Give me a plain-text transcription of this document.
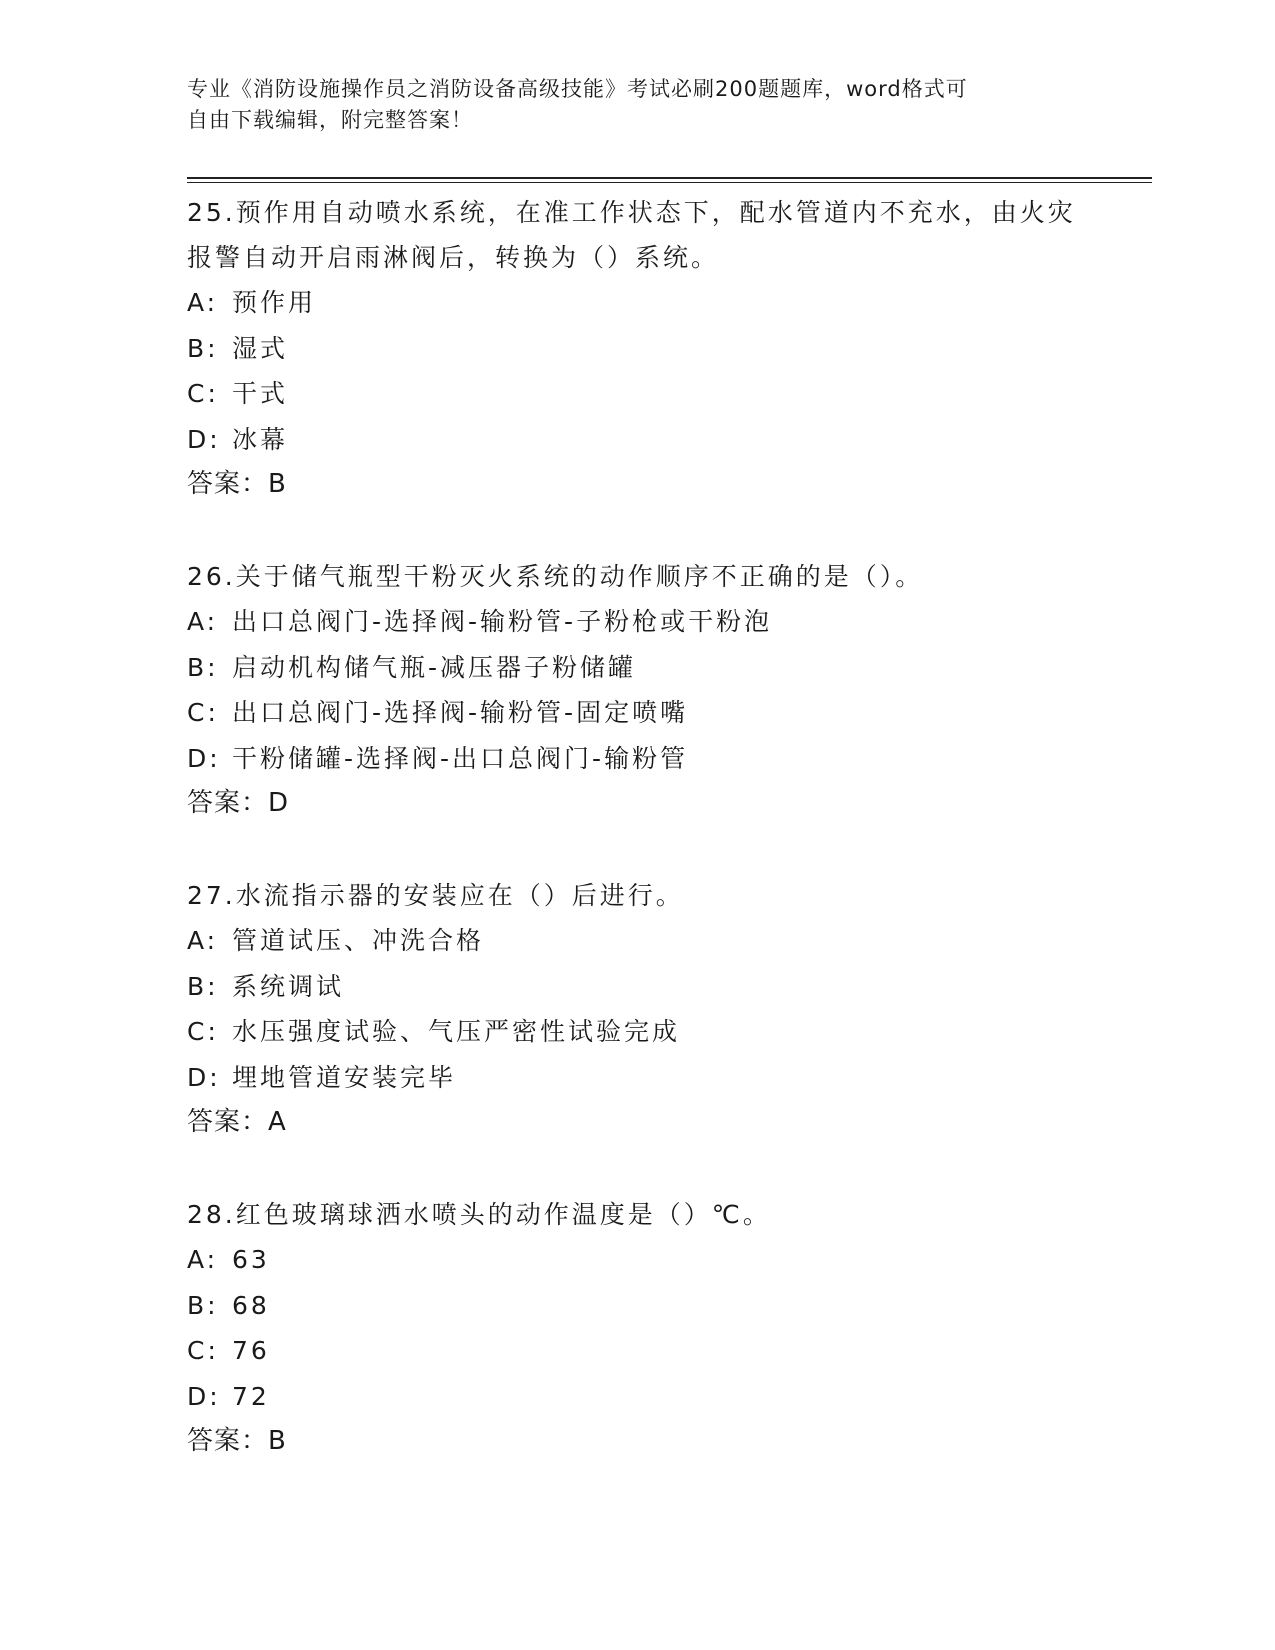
专业《消防设施操作员之消防设备高级技能》考试必刷200题题库，word格式可
自由下载编辑，附完整答案！

25.预作用自动喷水系统，在准工作状态下，配水管道内不充水，由火灾报警自动开启雨淋阀后，转换为（）系统。

A: 预作用
B: 湿式
C: 干式
D: 冰幕
答案：B

26.关于储气瓶型干粉灭火系统的动作顺序不正确的是（）。

A: 出口总阀门-选择阀-输粉管-子粉枪或干粉泡
B: 启动机构储气瓶-减压器子粉储罐
C: 出口总阀门-选择阀-输粉管-固定喷嘴
D: 干粉储罐-选择阀-出口总阀门-输粉管
答案：D

27.水流指示器的安装应在（）后进行。

A: 管道试压、冲洗合格
B: 系统调试
C: 水压强度试验、气压严密性试验完成
D: 埋地管道安装完毕
答案：A

28.红色玻璃球洒水喷头的动作温度是（）℃。

A: 63
B: 68
C: 76
D: 72
答案：B
